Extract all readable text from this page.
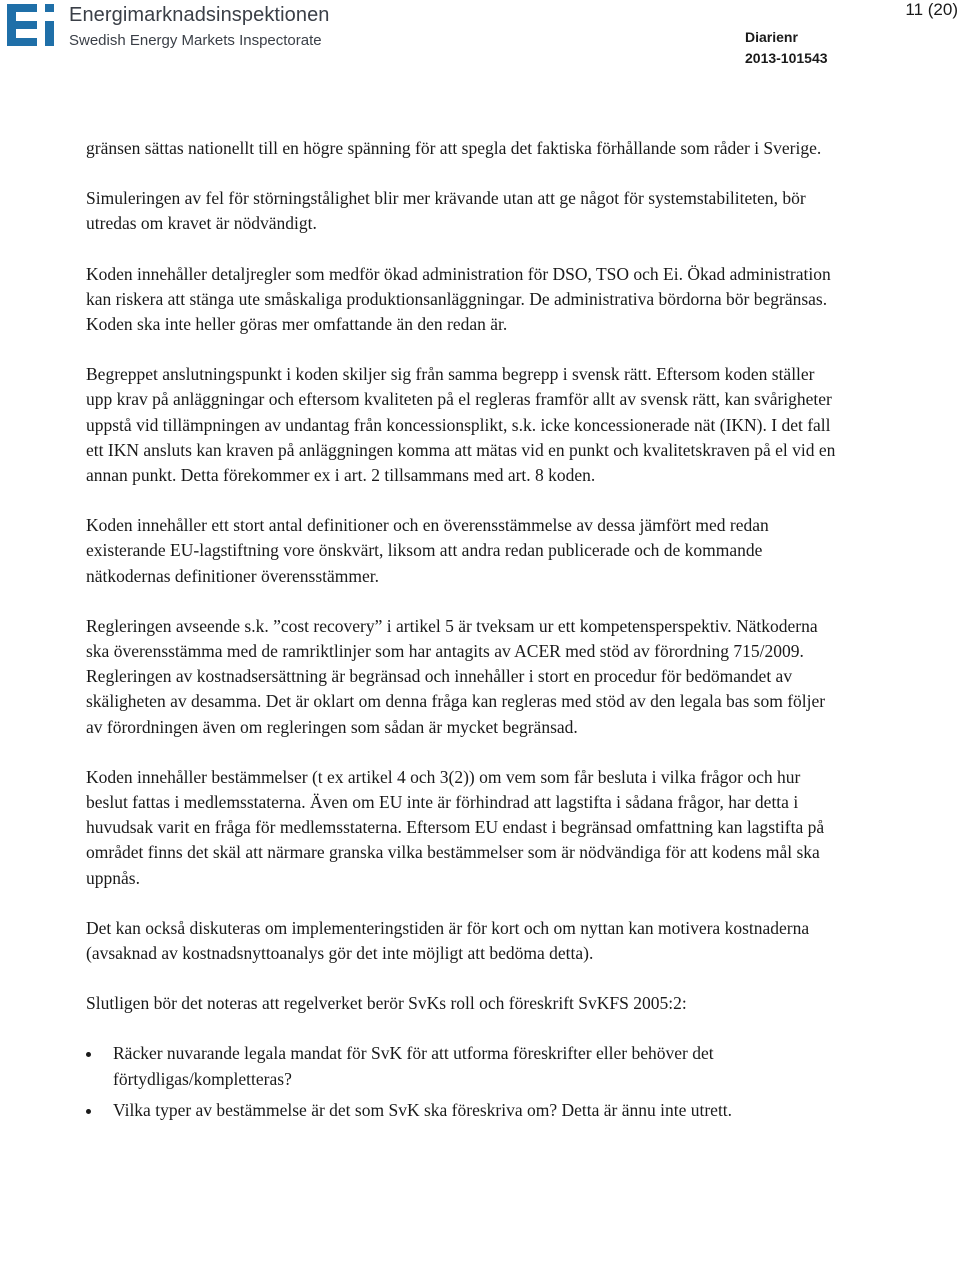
Energimarknadsinspektionen
Swedish Energy Markets Inspectorate
11 (20)
Diarienr
2013-101543

gränsen sättas nationellt till en högre spänning för att spegla det faktiska förhållande som råder i Sverige.

Simuleringen av fel för störningstålighet blir mer krävande utan att ge något för systemstabiliteten, bör utredas om kravet är nödvändigt.

Koden innehåller detaljregler som medför ökad administration för DSO, TSO och Ei. Ökad administration kan riskera att stänga ute småskaliga produktionsanläggningar. De administrativa bördorna bör begränsas. Koden ska inte heller göras mer omfattande än den redan är.

Begreppet anslutningspunkt i koden skiljer sig från samma begrepp i svensk rätt. Eftersom koden ställer upp krav på anläggningar och eftersom kvaliteten på el regleras framför allt av svensk rätt, kan svårigheter uppstå vid tillämpningen av undantag från koncessionsplikt, s.k. icke koncessionerade nät (IKN). I det fall ett IKN ansluts kan kraven på anläggningen komma att mätas vid en punkt och kvalitetskraven på el vid en annan punkt. Detta förekommer ex i art. 2 tillsammans med art. 8 koden.

Koden innehåller ett stort antal definitioner och en överensstämmelse av dessa jämfört med redan existerande EU-lagstiftning vore önskvärt, liksom att andra redan publicerade och de kommande nätkodernas definitioner överensstämmer.

Regleringen avseende s.k. ”cost recovery” i artikel 5 är tveksam ur ett kompetensperspektiv. Nätkoderna ska överensstämma med de ramriktlinjer som har antagits av ACER med stöd av förordning 715/2009. Regleringen av kostnadsersättning är begränsad och innehåller i stort en procedur för bedömandet av skäligheten av desamma. Det är oklart om denna fråga kan regleras med stöd av den legala bas som följer av förordningen även om regleringen som sådan är mycket begränsad.

Koden innehåller bestämmelser (t ex artikel 4 och 3(2)) om vem som får besluta i vilka frågor och hur beslut fattas i medlemsstaterna. Även om EU inte är förhindrad att lagstifta i sådana frågor, har detta i huvudsak varit en fråga för medlemsstaterna. Eftersom EU endast i begränsad omfattning kan lagstifta på området finns det skäl att närmare granska vilka bestämmelser som är nödvändiga för att kodens mål ska uppnås.

Det kan också diskuteras om implementeringstiden är för kort och om nyttan kan motivera kostnaderna (avsaknad av kostnadsnyttoanalys gör det inte möjligt att bedöma detta).

Slutligen bör det noteras att regelverket berör SvKs roll och föreskrift SvKFS 2005:2:

Räcker nuvarande legala mandat för SvK för att utforma föreskrifter eller behöver det förtydligas/kompletteras?
Vilka typer av bestämmelse är det som SvK ska föreskriva om? Detta är ännu inte utrett.
